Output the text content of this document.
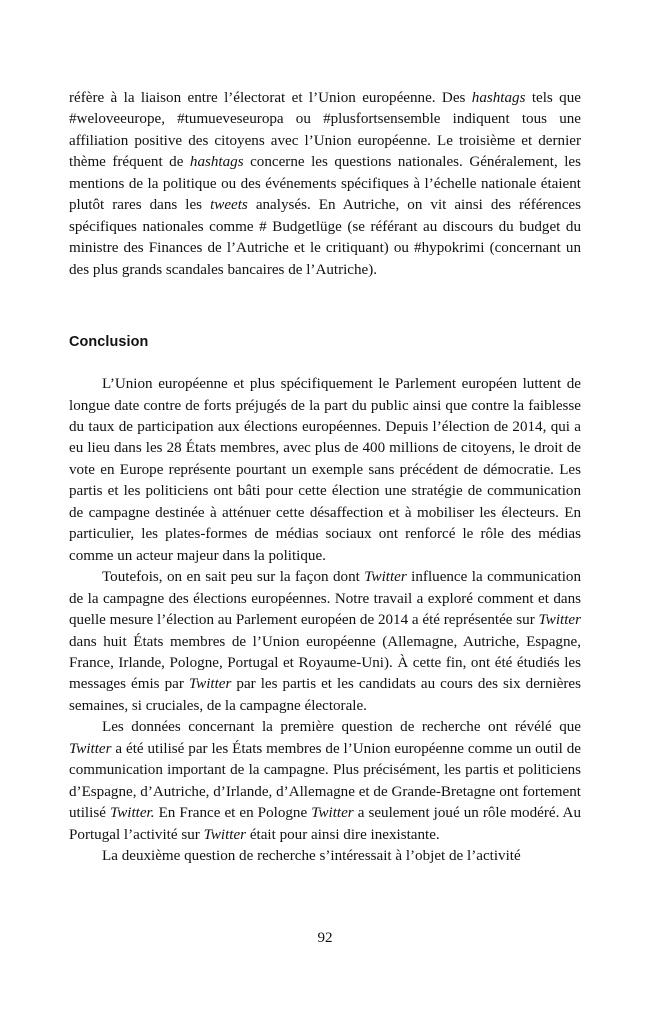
réfère à la liaison entre l’électorat et l’Union européenne. Des hashtags tels que #weloveeurope, #tumueveseuropa ou #plusfortsensemble indiquent tous une affiliation positive des citoyens avec l’Union européenne. Le troisième et dernier thème fréquent de hashtags concerne les questions nationales. Généralement, les mentions de la politique ou des événements spécifiques à l’échelle nationale étaient plutôt rares dans les tweets analysés. En Autriche, on vit ainsi des références spécifiques nationales comme # Budgetlüge (se référant au discours du budget du ministre des Finances de l’Autriche et le critiquant) ou #hypokrimi (concernant un des plus grands scandales bancaires de l’Autriche).

Conclusion

L’Union européenne et plus spécifiquement le Parlement européen luttent de longue date contre de forts préjugés de la part du public ainsi que contre la faiblesse du taux de participation aux élections européennes. Depuis l’élection de 2014, qui a eu lieu dans les 28 États membres, avec plus de 400 millions de citoyens, le droit de vote en Europe représente pourtant un exemple sans précédent de démocratie. Les partis et les politiciens ont bâti pour cette élection une stratégie de communication de campagne destinée à atténuer cette désaffection et à mobiliser les électeurs. En particulier, les plates-formes de médias sociaux ont renforcé le rôle des médias comme un acteur majeur dans la politique.

Toutefois, on en sait peu sur la façon dont Twitter influence la communication de la campagne des élections européennes. Notre travail a exploré comment et dans quelle mesure l’élection au Parlement européen de 2014 a été représentée sur Twitter dans huit États membres de l’Union européenne (Allemagne, Autriche, Espagne, France, Irlande, Pologne, Portugal et Royaume-Uni). À cette fin, ont été étudiés les messages émis par Twitter par les partis et les candidats au cours des six dernières semaines, si cruciales, de la campagne électorale.

Les données concernant la première question de recherche ont révélé que Twitter a été utilisé par les États membres de l’Union européenne comme un outil de communication important de la campagne. Plus précisément, les partis et politiciens d’Espagne, d’Autriche, d’Irlande, d’Allemagne et de Grande-Bretagne ont fortement utilisé Twitter. En France et en Pologne Twitter a seulement joué un rôle modéré. Au Portugal l’activité sur Twitter était pour ainsi dire inexistante.

La deuxième question de recherche s’intéressait à l’objet de l’activité

92
